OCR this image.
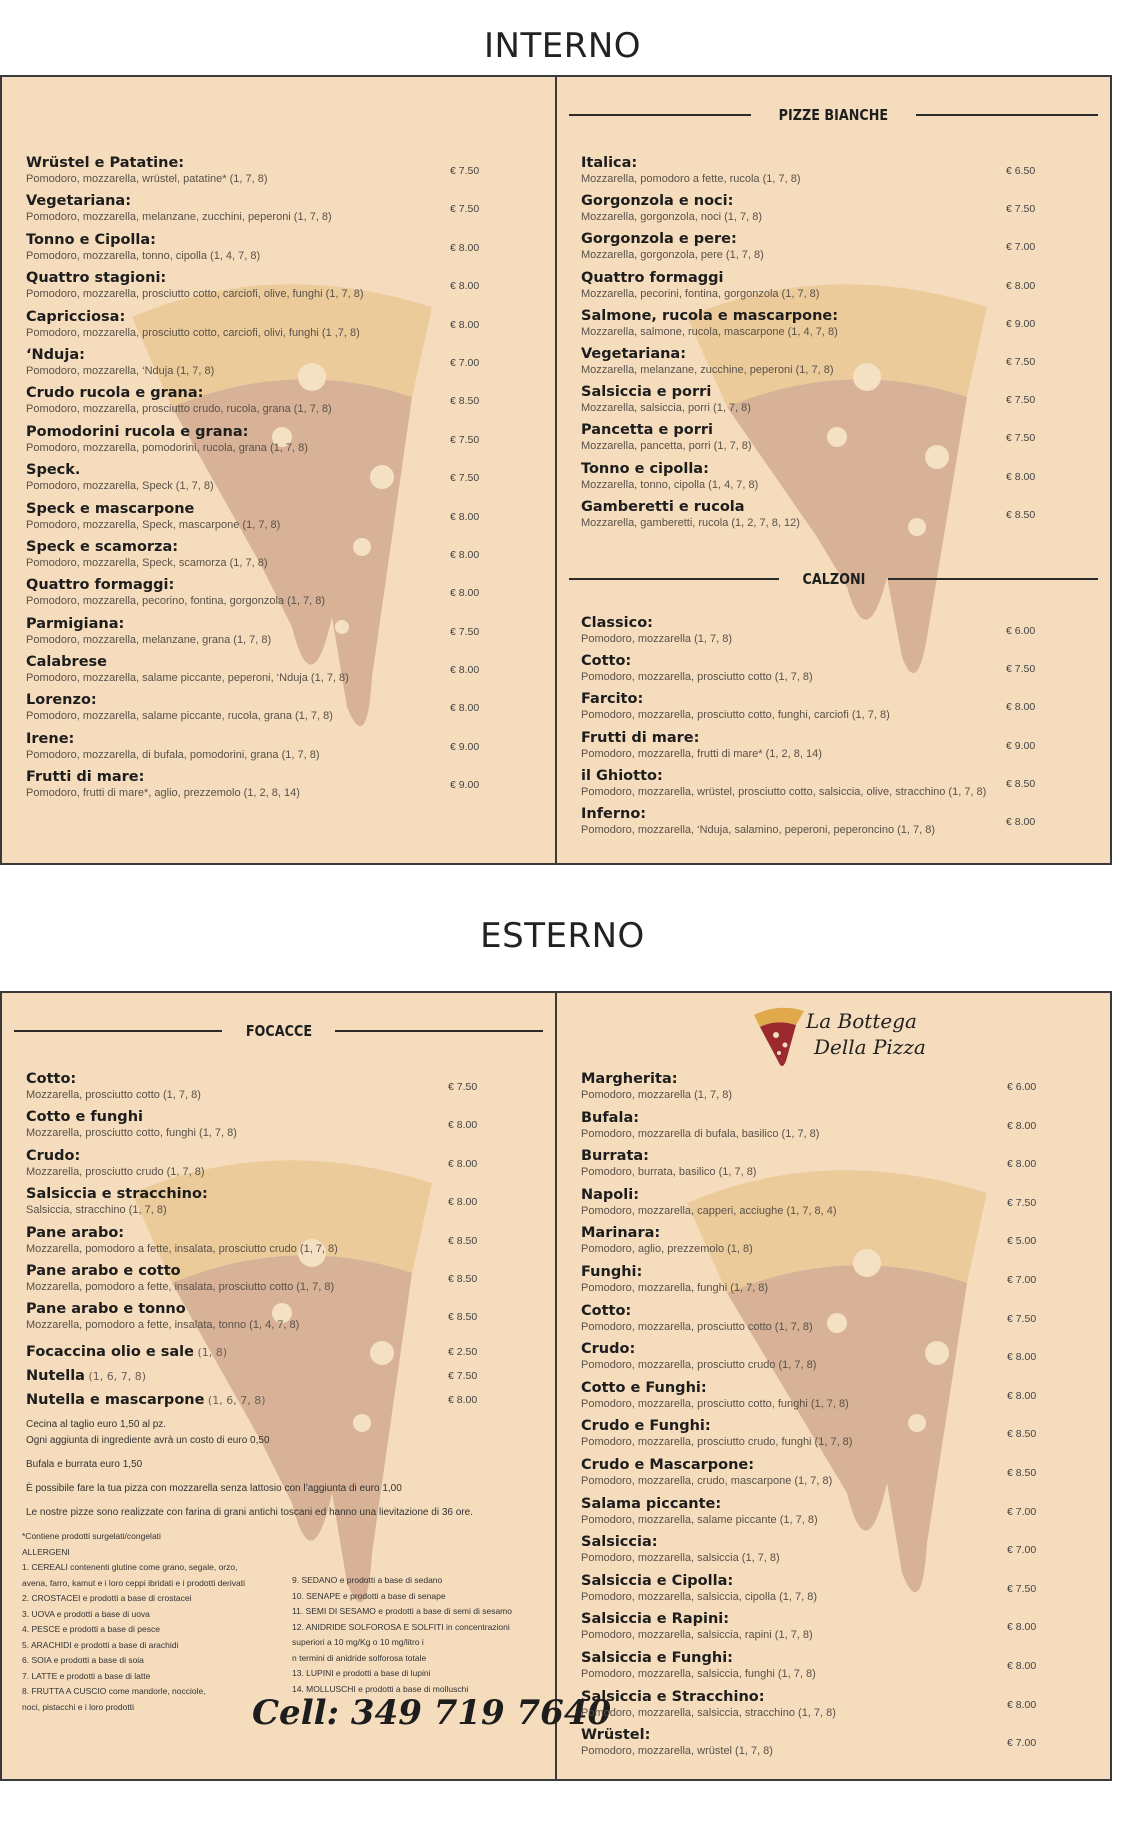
INTERNO
Wrüstel e Patatine:
Pomodoro, mozzarella, wrüstel, patatine* (1, 7, 8)
€ 7.50
Vegetariana:
Pomodoro, mozzarella, melanzane, zucchini, peperoni (1, 7, 8)
€ 7.50
Tonno e Cipolla:
Pomodoro, mozzarella, tonno, cipolla (1, 4, 7, 8)
€ 8.00
Quattro stagioni:
Pomodoro, mozzarella, prosciutto cotto, carciofi, olive, funghi (1, 7, 8)
€ 8.00
Capricciosa:
Pomodoro, mozzarella, prosciutto cotto, carciofi, olivi, funghi (1 ,7, 8)
€ 8.00
‘Nduja:
Pomodoro, mozzarella, ‘Nduja (1, 7, 8)
€ 7.00
Crudo rucola e grana:
Pomodoro, mozzarella, prosciutto crudo, rucola, grana (1, 7, 8)
€ 8.50
Pomodorini rucola e grana:
Pomodoro, mozzarella, pomodorini, rucola, grana (1, 7, 8)
€ 7.50
Speck.
Pomodoro, mozzarella, Speck (1, 7, 8)
€ 7.50
Speck e mascarpone
Pomodoro, mozzarella, Speck, mascarpone (1, 7, 8)
€ 8.00
Speck e scamorza:
Pomodoro, mozzarella, Speck, scamorza (1, 7, 8)
€ 8.00
Quattro formaggi:
Pomodoro, mozzarella, pecorino, fontina, gorgonzola (1, 7, 8)
€ 8.00
Parmigiana:
Pomodoro, mozzarella, melanzane, grana (1, 7, 8)
€ 7.50
Calabrese
Pomodoro, mozzarella, salame piccante, peperoni, ‘Nduja (1, 7, 8)
€ 8.00
Lorenzo:
Pomodoro, mozzarella, salame piccante, rucola, grana (1, 7, 8)
€ 8.00
Irene:
Pomodoro, mozzarella, di bufala, pomodorini, grana (1, 7, 8)
€ 9.00
Frutti di mare:
Pomodoro, frutti di mare*, aglio, prezzemolo (1, 2, 8, 14)
€ 9.00
PIZZE BIANCHE
Italica:
Mozzarella, pomodoro a fette, rucola (1, 7, 8)
€ 6.50
Gorgonzola e noci:
Mozzarella, gorgonzola, noci (1, 7, 8)
€ 7.50
Gorgonzola e pere:
Mozzarella, gorgonzola, pere (1, 7, 8)
€ 7.00
Quattro formaggi
Mozzarella, pecorini, fontina, gorgonzola (1, 7, 8)
€ 8.00
Salmone, rucola e mascarpone:
Mozzarella, salmone, rucola, mascarpone (1, 4, 7, 8)
€ 9.00
Vegetariana:
Mozzarella, melanzane, zucchine, peperoni (1, 7, 8)
€ 7.50
Salsiccia e porri
Mozzarella, salsiccia, porri (1, 7, 8)
€ 7.50
Pancetta e porri
Mozzarella, pancetta, porri (1, 7, 8)
€ 7.50
Tonno e cipolla:
Mozzarella, tonno, cipolla (1, 4, 7, 8)
€ 8.00
Gamberetti e rucola
Mozzarella, gamberetti, rucola (1, 2, 7, 8, 12)
€ 8.50
CALZONI
Classico:
Pomodoro, mozzarella (1, 7, 8)
€ 6.00
Cotto:
Pomodoro, mozzarella, prosciutto cotto (1, 7, 8)
€ 7.50
Farcito:
Pomodoro, mozzarella, prosciutto cotto, funghi, carciofi (1, 7, 8)
€ 8.00
Frutti di mare:
Pomodoro, mozzarella, frutti di mare* (1, 2, 8, 14)
€ 9.00
il Ghiotto:
Pomodoro, mozzarella, wrüstel, prosciutto cotto, salsiccia, olive, stracchino (1, 7, 8)
€ 8.50
Inferno:
Pomodoro, mozzarella, ‘Nduja, salamino, peperoni, peperoncino (1, 7, 8)
€ 8.00
ESTERNO
FOCACCE
Cotto:
Mozzarella, prosciutto cotto (1, 7, 8)
€ 7.50
Cotto e funghi
Mozzarella, prosciutto cotto, funghi (1, 7, 8)
€ 8.00
Crudo:
Mozzarella, prosciutto crudo (1, 7, 8)
€ 8.00
Salsiccia e stracchino:
Salsiccia, stracchino (1, 7, 8)
€ 8.00
Pane arabo:
Mozzarella, pomodoro a fette, insalata, prosciutto crudo (1, 7, 8)
€ 8.50
Pane arabo e cotto
Mozzarella, pomodoro a fette, insalata, prosciutto cotto (1, 7, 8)
€ 8.50
Pane arabo e tonno
Mozzarella, pomodoro a fette, insalata, tonno (1, 4, 7, 8)
€ 8.50
Focaccina olio e sale (1, 8)	€ 2.50
Nutella (1, 6, 7, 8)	€ 7.50
Nutella e mascarpone (1, 6, 7, 8)	€ 8.00
Cecina al taglio euro 1,50 al pz.
Ogni aggiunta di ingrediente avrà un costo di euro 0,50
Bufala e burrata euro 1,50
È possibile fare la tua pizza con mozzarella senza lattosio con l’aggiunta di euro 1,00
Le nostre pizze sono realizzate con farina di grani antichi toscani ed hanno una lievitazione di 36 ore.
*Contiene prodotti surgelati/congelati
ALLERGENI
1. CEREALI contenenti glutine come grano, segale, orzo,
avena, farro, kamut e i loro ceppi ibridati e i prodotti derivati
2. CROSTACEI e prodotti a base di crostacei
3. UOVA e prodotti a base di uova
4. PESCE e prodotti a base di pesce
5. ARACHIDI e prodotti a base di arachidi
6. SOIA e prodotti a base di soia
7. LATTE e prodotti a base di latte
8. FRUTTA A CUSCIO come mandorle, nocciole,
noci, pistacchi e i loro prodotti
9. SEDANO e prodotti a base di sedano
10. SENAPE e prodotti a base di senape
11. SEMI DI SESAMO e prodotti a base di semi di sesamo
12. ANIDRIDE SOLFOROSA E SOLFITI in concentrazioni
superiori a 10 mg/Kg o 10 mg/litro i
n termini di anidride solforosa totale
13. LUPINI e prodotti a base di lupini
14. MOLLUSCHI e prodotti a base di molluschi
Cell: 349 719 7640
La Bottega
Della Pizza
Margherita:
Pomodoro, mozzarella (1, 7, 8)
€ 6.00
Bufala:
Pomodoro, mozzarella di bufala, basilico (1, 7, 8)
€ 8.00
Burrata:
Pomodoro, burrata, basilico (1, 7, 8)
€ 8.00
Napoli:
Pomodoro, mozzarella, capperi, acciughe (1, 7, 8, 4)
€ 7.50
Marinara:
Pomodoro, aglio, prezzemolo (1, 8)
€ 5.00
Funghi:
Pomodoro, mozzarella, funghi (1, 7, 8)
€ 7.00
Cotto:
Pomodoro, mozzarella, prosciutto cotto (1, 7, 8)
€ 7.50
Crudo:
Pomodoro, mozzarella, prosciutto crudo (1, 7, 8)
€ 8.00
Cotto e Funghi:
Pomodoro, mozzarella, prosciutto cotto, funghi (1, 7, 8)
€ 8.00
Crudo e Funghi:
Pomodoro, mozzarella, prosciutto crudo, funghi (1, 7, 8)
€ 8.50
Crudo e Mascarpone:
Pomodoro, mozzarella, crudo, mascarpone (1, 7, 8)
€ 8.50
Salama piccante:
Pomodoro, mozzarella, salame piccante (1, 7, 8)
€ 7.00
Salsiccia:
Pomodoro, mozzarella, salsiccia (1, 7, 8)
€ 7.00
Salsiccia e Cipolla:
Pomodoro, mozzarella, salsiccia, cipolla (1, 7, 8)
€ 7.50
Salsiccia e Rapini:
Pomodoro, mozzarella, salsiccia, rapini (1, 7, 8)
€ 8.00
Salsiccia e Funghi:
Pomodoro, mozzarella, salsiccia, funghi (1, 7, 8)
€ 8.00
Salsiccia e Stracchino:
Pomodoro, mozzarella, salsiccia, stracchino (1, 7, 8)
€ 8.00
Wrüstel:
Pomodoro, mozzarella, wrüstel (1, 7, 8)
€ 7.00
